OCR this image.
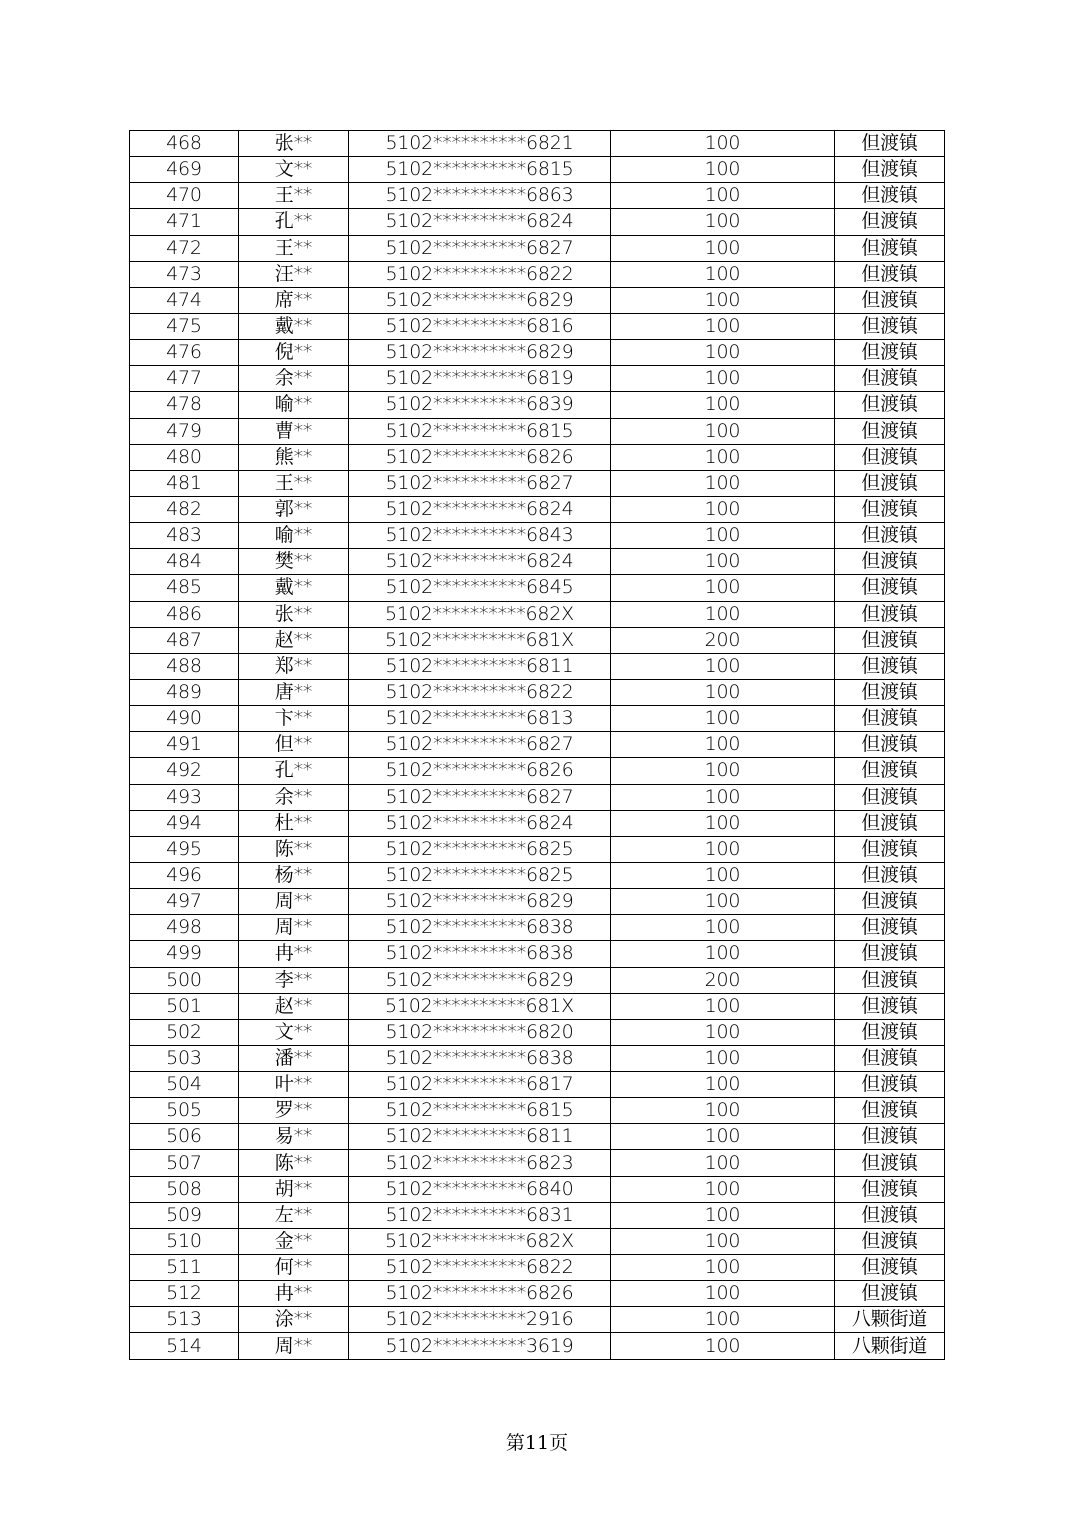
468	张**	5102**********6821	100	但渡镇
469	文**	5102**********6815	100	但渡镇
470	王**	5102**********6863	100	但渡镇
471	孔**	5102**********6824	100	但渡镇
472	王**	5102**********6827	100	但渡镇
473	汪**	5102**********6822	100	但渡镇
474	席**	5102**********6829	100	但渡镇
475	戴**	5102**********6816	100	但渡镇
476	倪**	5102**********6829	100	但渡镇
477	余**	5102**********6819	100	但渡镇
478	喻**	5102**********6839	100	但渡镇
479	曹**	5102**********6815	100	但渡镇
480	熊**	5102**********6826	100	但渡镇
481	王**	5102**********6827	100	但渡镇
482	郭**	5102**********6824	100	但渡镇
483	喻**	5102**********6843	100	但渡镇
484	樊**	5102**********6824	100	但渡镇
485	戴**	5102**********6845	100	但渡镇
486	张**	5102**********682X	100	但渡镇
487	赵**	5102**********681X	200	但渡镇
488	郑**	5102**********6811	100	但渡镇
489	唐**	5102**********6822	100	但渡镇
490	卞**	5102**********6813	100	但渡镇
491	但**	5102**********6827	100	但渡镇
492	孔**	5102**********6826	100	但渡镇
493	余**	5102**********6827	100	但渡镇
494	杜**	5102**********6824	100	但渡镇
495	陈**	5102**********6825	100	但渡镇
496	杨**	5102**********6825	100	但渡镇
497	周**	5102**********6829	100	但渡镇
498	周**	5102**********6838	100	但渡镇
499	冉**	5102**********6838	100	但渡镇
500	李**	5102**********6829	200	但渡镇
501	赵**	5102**********681X	100	但渡镇
502	文**	5102**********6820	100	但渡镇
503	潘**	5102**********6838	100	但渡镇
504	叶**	5102**********6817	100	但渡镇
505	罗**	5102**********6815	100	但渡镇
506	易**	5102**********6811	100	但渡镇
507	陈**	5102**********6823	100	但渡镇
508	胡**	5102**********6840	100	但渡镇
509	左**	5102**********6831	100	但渡镇
510	金**	5102**********682X	100	但渡镇
511	何**	5102**********6822	100	但渡镇
512	冉**	5102**********6826	100	但渡镇
513	涂**	5102**********2916	100	八颗街道
514	周**	5102**********3619	100	八颗街道
第11页
